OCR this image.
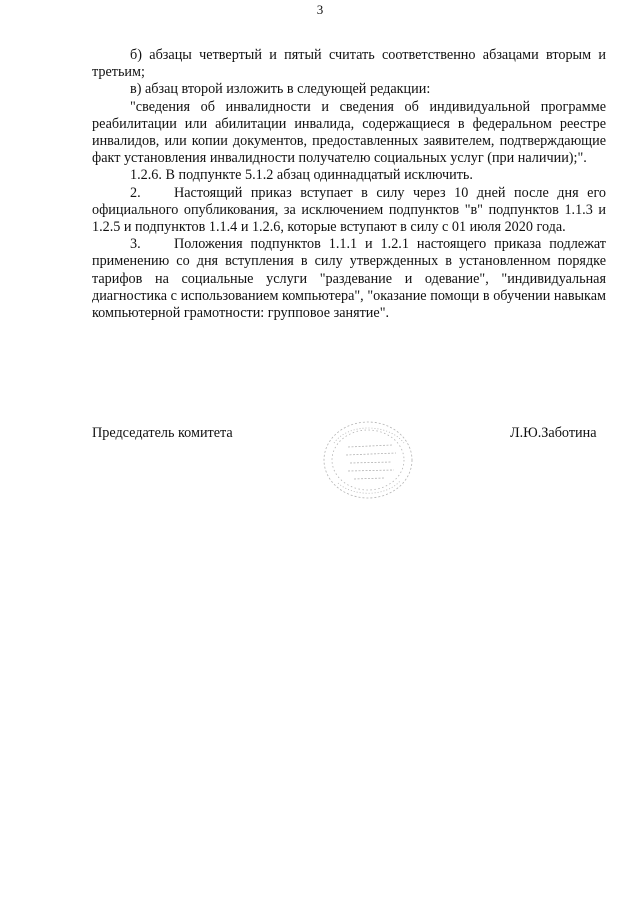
3

б) абзацы четвертый и пятый считать соответственно абзацами вторым и третьим;

в) абзац второй изложить в следующей редакции:

"сведения об инвалидности и сведения об индивидуальной программе реабилитации или абилитации инвалида, содержащиеся в федеральном реестре инвалидов, или копии документов, предоставленных заявителем, подтверждающие факт установления инвалидности получателю социальных услуг (при наличии);".

1.2.6. В подпункте 5.1.2 абзац одиннадцатый исключить.

2. Настоящий приказ вступает в силу через 10 дней после дня его официального опубликования, за исключением подпунктов "в" подпунктов 1.1.3 и 1.2.5 и подпунктов 1.1.4 и 1.2.6, которые вступают в силу с 01 июля 2020 года.

3. Положения подпунктов 1.1.1 и 1.2.1 настоящего приказа подлежат применению со дня вступления в силу утвержденных в установленном порядке тарифов на социальные услуги "раздевание и одевание", "индивидуальная диагностика с использованием компьютера", "оказание помощи в обучении навыкам компьютерной грамотности: групповое занятие".

Председатель комитета	Л.Ю.Заботина
